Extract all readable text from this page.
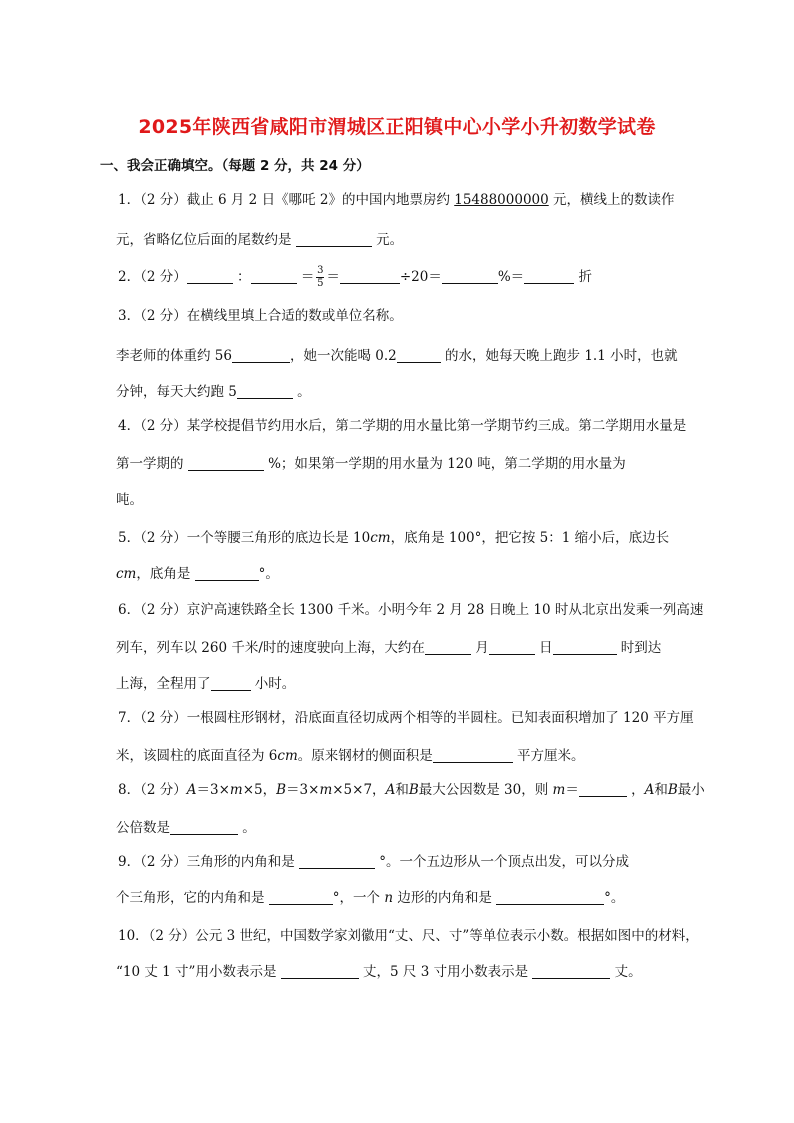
2025年陕西省咸阳市渭城区正阳镇中心小学小升初数学试卷
一、我会正确填空。（每题 2 分，共 24 分）
1．（2 分）截止 6 月 2 日《哪吒 2》的中国内地票房约 15488000000 元，横线上的数读作
元，省略亿位后面的尾数约是	元。
2．（2 分）	：	＝ $\frac{3}{5}$ ＝	÷20＝	%＝	折
3．（2 分）在横线里填上合适的数或单位名称。
李老师的体重约 56	，她一次能喝 0.2	的水，她每天晚上跑步 1.1 小时，也就
分钟，每天大约跑 5	。
4．（2 分）某学校提倡节约用水后，第二学期的用水量比第一学期节约三成。第二学期用水量是
第一学期的	%；如果第一学期的用水量为 120 吨，第二学期的用水量为
吨。
5．（2 分）一个等腰三角形的底边长是 10cm，底角是 100°，把它按 5：1 缩小后，底边长
cm，底角是	°。
6．（2 分）京沪高速铁路全长 1300 千米。小明今年 2 月 28 日晚上 10 时从北京出发乘一列高速
列车，列车以 260 千米/时的速度驶向上海，大约在	月	日	时到达
上海，全程用了	小时。
7．（2 分）一根圆柱形钢材，沿底面直径切成两个相等的半圆柱。已知表面积增加了 120 平方厘
米，该圆柱的底面直径为 6cm。原来钢材的侧面积是	平方厘米。
8．（2 分）A＝3×m×5，B＝3×m×5×7，A和B最大公因数是 30，则 m＝	，A和B最小
公倍数是	。
9．（2 分）三角形的内角和是	°。一个五边形从一个顶点出发，可以分成
个三角形，它的内角和是	°，一个 n 边形的内角和是	°。
10．（2 分）公元 3 世纪，中国数学家刘徽用“丈、尺、寸”等单位表示小数。根据如图中的材料，
“10 丈 1 寸”用小数表示是	丈，5 尺 3 寸用小数表示是	丈。
